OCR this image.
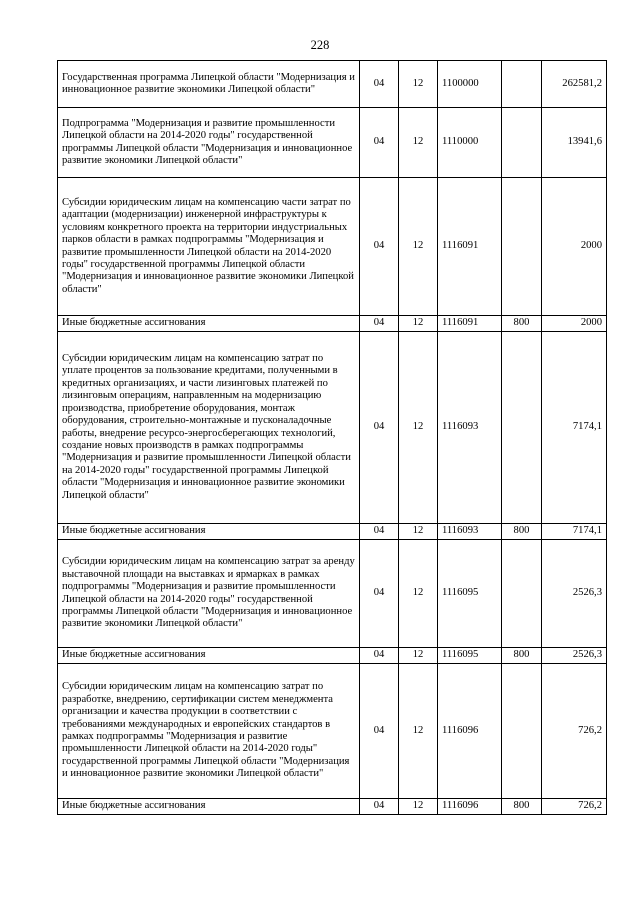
228
Государственная программа Липецкой области "Модернизация и инновационное развитие экономики Липецкой области"	04	12	1100000		262581,2
Подпрограмма "Модернизация и развитие промышленности Липецкой области на 2014-2020 годы" государственной программы Липецкой области "Модернизация и инновационное развитие экономики Липецкой области"	04	12	1110000		13941,6
Субсидии юридическим лицам на компенсацию части затрат по адаптации (модернизации) инженерной инфраструктуры к условиям конкретного проекта на территории индустриальных парков области в рамках подпрограммы "Модернизация и развитие промышленности Липецкой области на 2014-2020 годы" государственной программы Липецкой области "Модернизация и инновационное развитие экономики Липецкой области"	04	12	1116091		2000
Иные бюджетные ассигнования	04	12	1116091	800	2000
Субсидии юридическим лицам на компенсацию затрат по уплате процентов за пользование кредитами, полученными в кредитных организациях, и части лизинговых платежей по лизинговым операциям, направленным на модернизацию производства, приобретение оборудования, монтаж оборудования, строительно-монтажные и пусконаладочные работы, внедрение ресурсо-энергосберегающих технологий, создание новых производств в рамках подпрограммы "Модернизация и развитие промышленности Липецкой области на 2014-2020 годы" государственной программы Липецкой области "Модернизация и инновационное развитие экономики Липецкой области"	04	12	1116093		7174,1
Иные бюджетные ассигнования	04	12	1116093	800	7174,1
Субсидии юридическим лицам на компенсацию затрат за аренду выставочной площади на выставках и ярмарках в рамках подпрограммы "Модернизация и развитие промышленности Липецкой области на 2014-2020 годы" государственной программы Липецкой области "Модернизация и инновационное развитие экономики Липецкой области"	04	12	1116095		2526,3
Иные бюджетные ассигнования	04	12	1116095	800	2526,3
Субсидии юридическим лицам на компенсацию затрат по разработке, внедрению, сертификации систем менеджмента организации и качества продукции в соответствии с требованиями международных и европейских стандартов в рамках подпрограммы "Модернизация и развитие промышленности Липецкой области на 2014-2020 годы" государственной программы Липецкой области "Модернизация и инновационное развитие экономики Липецкой области"	04	12	1116096		726,2
Иные бюджетные ассигнования	04	12	1116096	800	726,2
